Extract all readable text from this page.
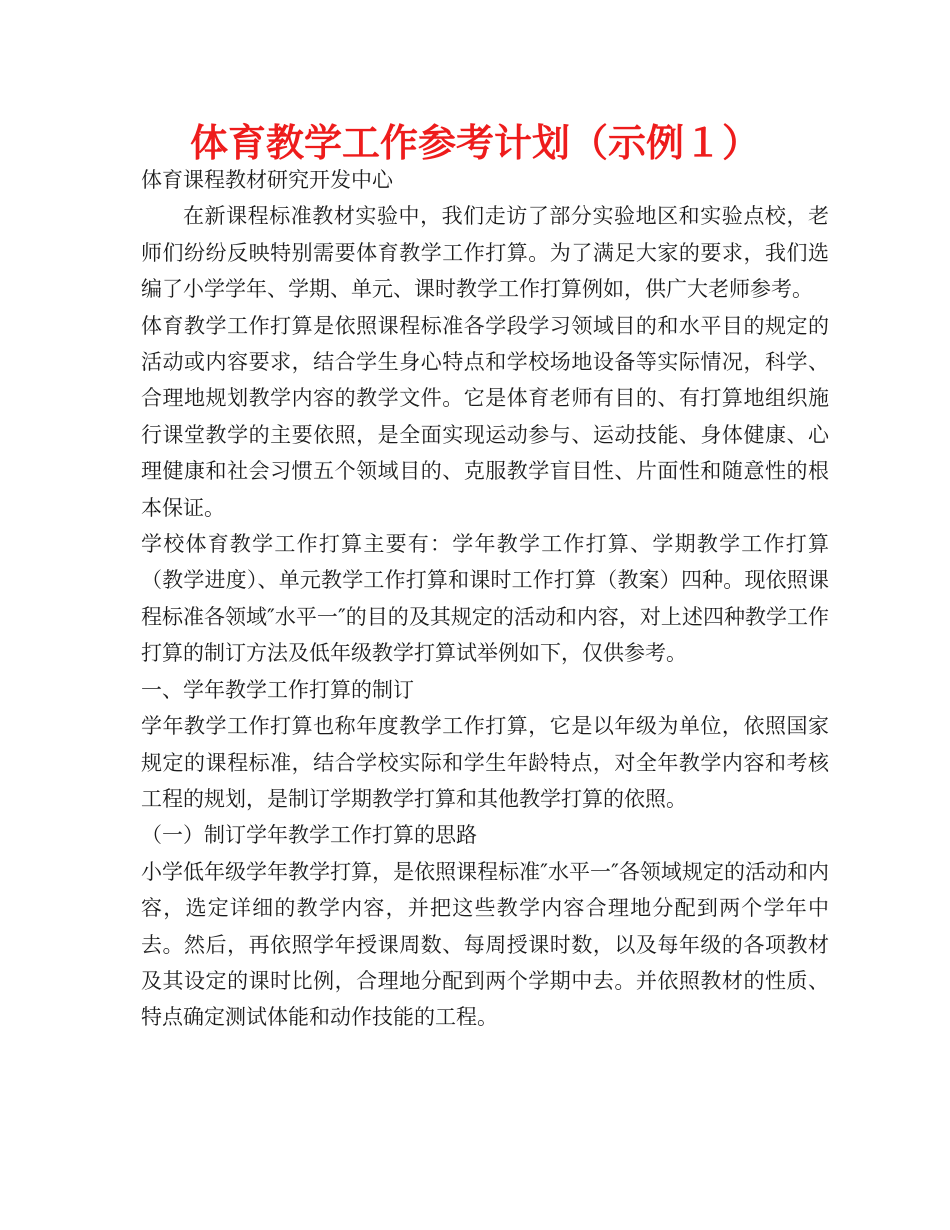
体育教学工作参考计划（示例１）

体育课程教材研究开发中心

在新课程标准教材实验中，我们走访了部分实验地区和实验点校，老师们纷纷反映特别需要体育教学工作打算。为了满足大家的要求，我们选编了小学学年、学期、单元、课时教学工作打算例如，供广大老师参考。

体育教学工作打算是依照课程标准各学段学习领域目的和水平目的规定的活动或内容要求，结合学生身心特点和学校场地设备等实际情况，科学、合理地规划教学内容的教学文件。它是体育老师有目的、有打算地组织施行课堂教学的主要依照，是全面实现运动参与、运动技能、身体健康、心理健康和社会习惯五个领域目的、克服教学盲目性、片面性和随意性的根本保证。

学校体育教学工作打算主要有：学年教学工作打算、学期教学工作打算（教学进度）、单元教学工作打算和课时工作打算（教案）四种。现依照课程标准各领域″水平一″的目的及其规定的活动和内容，对上述四种教学工作打算的制订方法及低年级教学打算试举例如下，仅供参考。

一、学年教学工作打算的制订

学年教学工作打算也称年度教学工作打算，它是以年级为单位，依照国家规定的课程标准，结合学校实际和学生年龄特点，对全年教学内容和考核工程的规划，是制订学期教学打算和其他教学打算的依照。

（一）制订学年教学工作打算的思路

小学低年级学年教学打算，是依照课程标准″水平一″各领域规定的活动和内容，选定详细的教学内容，并把这些教学内容合理地分配到两个学年中去。然后，再依照学年授课周数、每周授课时数，以及每年级的各项教材及其设定的课时比例，合理地分配到两个学期中去。并依照教材的性质、特点确定测试体能和动作技能的工程。
